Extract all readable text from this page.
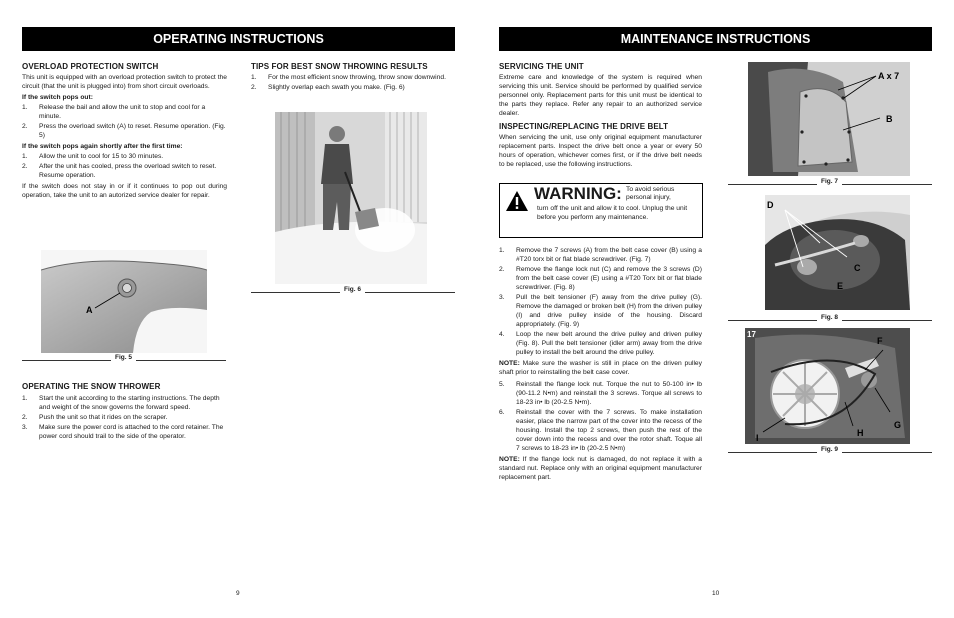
OPERATING INSTRUCTIONS

OVERLOAD PROTECTION SWITCH

This unit is equipped with an overload protection switch to protect the circuit (that the unit is plugged into) from short circuit overloads.

If the switch pops out:

1. Release the bail and allow the unit to stop and cool for a minute.
2. Press the overload switch (A) to reset. Resume operation. (Fig. 5)

If the switch pops again shortly after the first time:

1. Allow the unit to cool for 15 to 30 minutes.
2. After the unit has cooled, press the overload switch to reset. Resume operation.

If the switch does not stay in or if it continues to pop out during operation, take the unit to an autorized service dealer for repair.

A
Fig. 5

OPERATING THE SNOW THROWER

1. Start the unit according to the starting instructions. The depth and weight of the snow governs the forward speed.
2. Push the unit so that it rides on the scraper.
3. Make sure the power cord is attached to the cord retainer. The power cord should trail to the side of the operator.

TIPS FOR BEST SNOW THROWING RESULTS

1. For the most efficient snow throwing, throw snow downwind.
2. Slightly overlap each swath you make. (Fig. 6)
Fig. 6
9
MAINTENANCE INSTRUCTIONS

SERVICING THE UNIT

Extreme care and knowledge of the system is required when servicing this unit. Service should be performed by qualified service personnel only. Replacement parts for this unit must be identical to the parts they replace. Refer any repair to an authorized service dealer.

INSPECTING/REPLACING THE DRIVE BELT

When servicing the unit, use only original equipment manufacturer replacement parts. Inspect the drive belt once a year or every 50 hours of operation, whichever comes first, or if the drive belt needs to be replaced, use the following instructions.

WARNING: To avoid serious
personal injury,
turn off the unit and allow it to cool. Unplug the unit before you perform any maintenance.
1. Remove the 7 screws (A) from the belt case cover (B) using a #T20 torx bit or flat blade screwdriver. (Fig. 7)
2. Remove the flange lock nut (C) and remove the 3 screws (D) from the belt case cover (E) using a #T20 Torx bit or flat blade screwdriver. (Fig. 8)
3. Pull the belt tensioner (F) away from the drive pulley (G). Remove the damaged or broken belt (H) from the driven pulley (I) and drive pulley inside of the housing. Discard appropriately. (Fig. 9)
4. Loop the new belt around the drive pulley and driven pulley (Fig. 8). Pull the belt tensioner (idler arm) away from the drive pulley to install the belt around the drive pulley.

NOTE: Make sure the washer is still in place on the driven pulley shaft prior to reinstalling the belt case cover.

5. Reinstall the flange lock nut. Torque the nut to 50-100 in• lb (90-11.2 N•m) and reinstall the 3 screws. Torque all screws to 18-23 in• lb (20-2.5 N•m).
6. Reinstall the cover with the 7 screws. To make installation easier, place the narrow part of the cover into the recess of the housing. Install the top 2 screws, then push the rest of the cover down into the recess and over the rotor shaft. Toque all 7 screws to 18-23 in• lb (20-2.5 N•m)

NOTE: If the flange lock nut is damaged, do not replace it with a standard nut. Replace only with an original equipment manufacturer replacement part.

A x 7
B
Fig. 7
D
C
E
Fig. 8
17
F
G
H
I
Fig. 9
10
